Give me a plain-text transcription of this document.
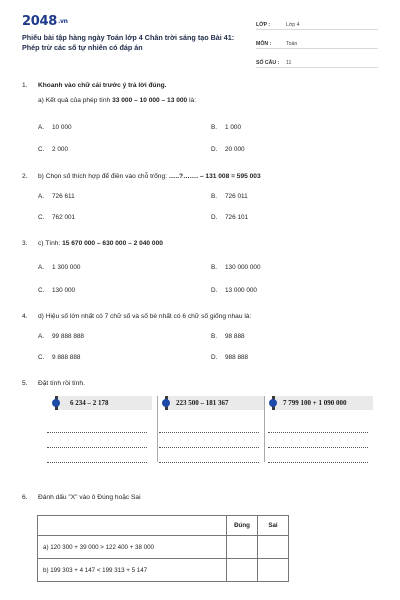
2048.vn
Phiếu bài tập hàng ngày Toán lớp 4 Chân trời sáng tạo Bài 41: Phép trừ các số tự nhiên có đáp án
LỚP :	Lớp 4
MÔN :	Toán
SỐ CÂU :	11
1.	Khoanh vào chữ cái trước ý trả lời đúng.
a) Kết quả của phép tính 33 000 – 10 000 – 13 000 là:
A. 10 000	B. 1 000
C. 2 000	D. 20 000
2.	b) Chọn số thích hợp để điền vào chỗ trống: …..?……. – 131 008 = 595 003
A. 726 611	B. 726 011
C. 762 001	D. 726 101
3.	c) Tính: 15 670 000 – 630 000 – 2 040 000
A. 1 300 000	B. 130 000 000
C. 130 000	D. 13 000 000
4.	d) Hiệu số lớn nhất có 7 chữ số và số bé nhất có 6 chữ số giống nhau là:
A. 99 888 888	B. 98 888
C. 9 888 888	D. 988 888
5.	Đặt tính rồi tính.
6 234 – 2 178	223 500 – 181 367	7 799 100 + 1 090 000
6.	Đánh dấu "X" vào ô Đúng hoặc Sai
	Đúng	Sai
a) 120 300 + 39 000 > 122 400 + 38 000		
b) 199 303 + 4 147 < 199 313 + 5 147		
